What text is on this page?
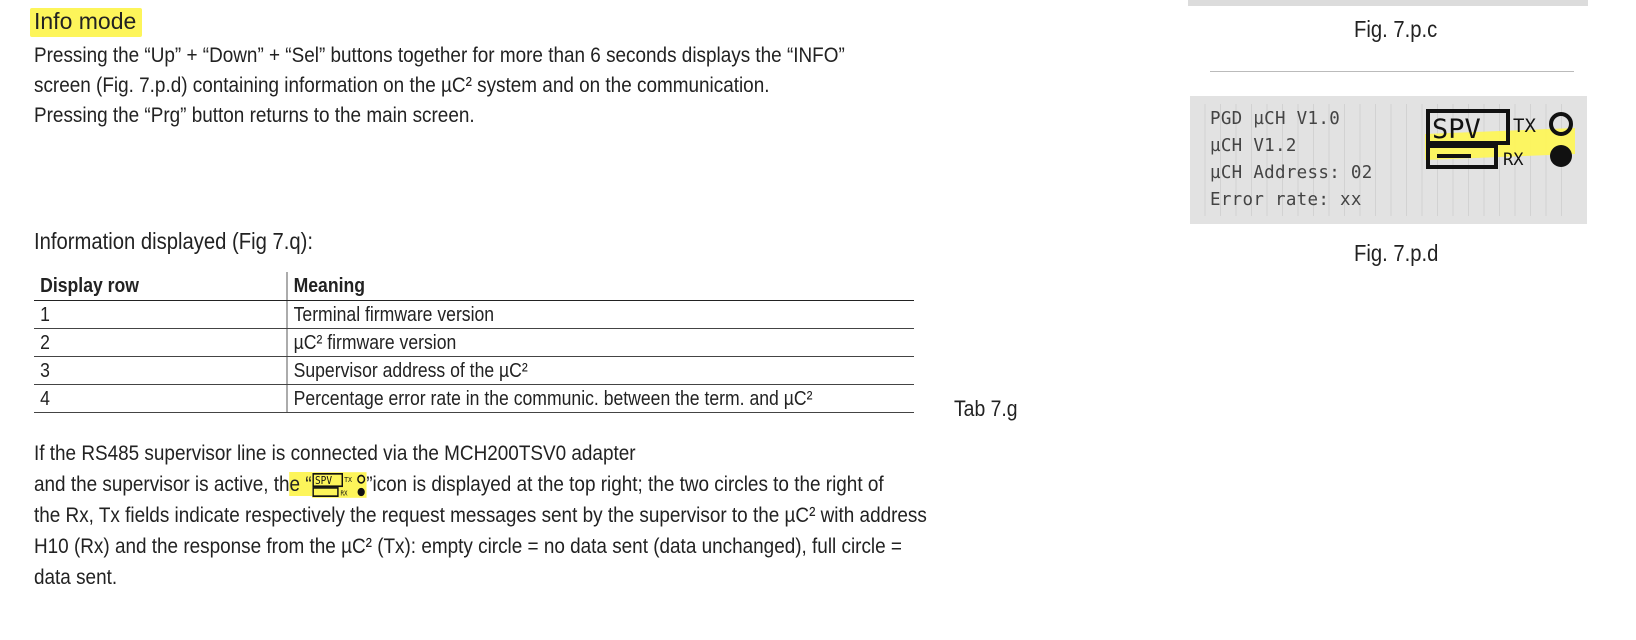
Info mode
Pressing the “Up” + “Down” + “Sel” buttons together for more than 6 seconds displays the “INFO”
screen (Fig. 7.p.d) containing information on the µC² system and on the communication.
Pressing the “Prg” button returns to the main screen.
Information displayed (Fig 7.q):
Display row	Meaning
1	Terminal firmware version
2	µC² firmware version
3	Supervisor address of the µC²
4	Percentage error rate in the communic. between the term. and µC²	Tab 7.g
If the RS485 supervisor line is connected via the MCH200TSV0 adapter
and the supervisor is active, the “ SPV TX
RX ”icon is displayed at the top right; the two circles to the right of
the Rx, Tx fields indicate respectively the request messages sent by the supervisor to the µC² with address
H10 (Rx) and the response from the µC² (Tx): empty circle = no data sent (data unchanged), full circle =
data sent.
Fig. 7.p.c
PGD µCH V1.0
µCH V1.2
µCH Address: 02
Error rate: xx
SPV TX
RX
Fig. 7.p.d
